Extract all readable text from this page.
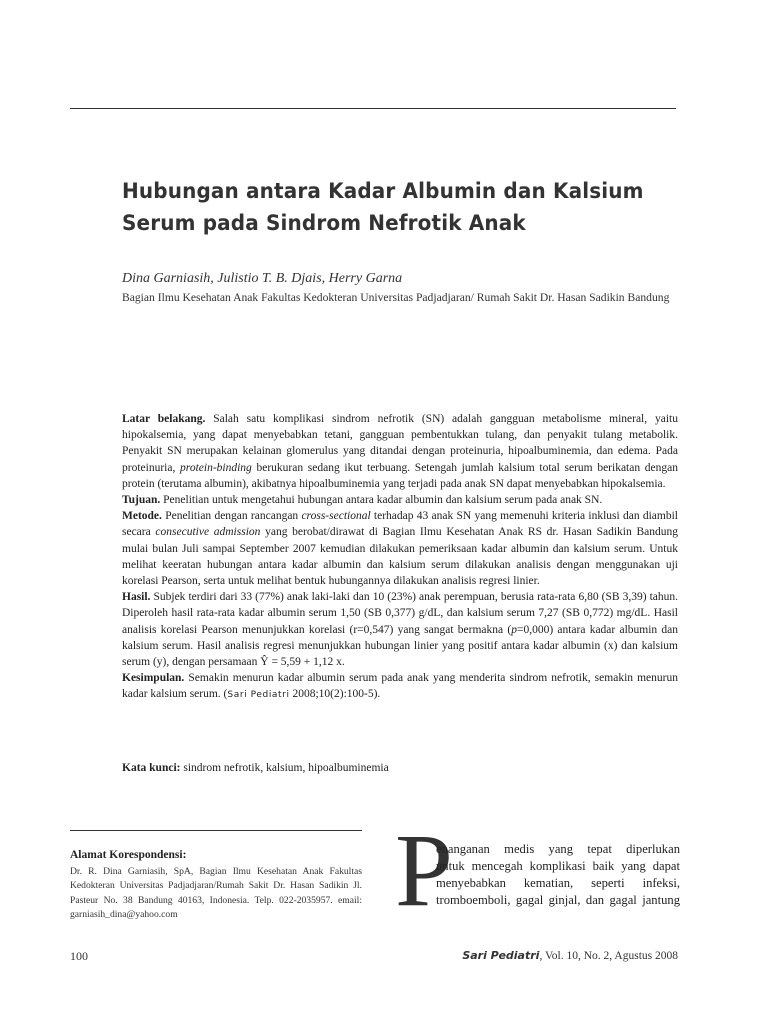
Hubungan antara Kadar Albumin dan Kalsium
Serum pada Sindrom Nefrotik Anak
Dina Garniasih, Julistio T. B. Djais, Herry Garna
Bagian Ilmu Kesehatan Anak Fakultas Kedokteran Universitas Padjadjaran/ Rumah Sakit Dr. Hasan Sadikin Bandung

Latar belakang. Salah satu komplikasi sindrom nefrotik (SN) adalah gangguan metabolisme mineral, yaitu hipokalsemia, yang dapat menyebabkan tetani, gangguan pembentukkan tulang, dan penyakit tulang metabolik. Penyakit SN merupakan kelainan glomerulus yang ditandai dengan proteinuria, hipoalbuminemia, dan edema. Pada proteinuria, protein-binding berukuran sedang ikut terbuang. Setengah jumlah kalsium total serum berikatan dengan protein (terutama albumin), akibatnya hipoalbuminemia yang terjadi pada anak SN dapat menyebabkan hipokalsemia.

Tujuan. Penelitian untuk mengetahui hubungan antara kadar albumin dan kalsium serum pada anak SN.

Metode. Penelitian dengan rancangan cross-sectional terhadap 43 anak SN yang memenuhi kriteria inklusi dan diambil secara consecutive admission yang berobat/dirawat di Bagian Ilmu Kesehatan Anak RS dr. Hasan Sadikin Bandung mulai bulan Juli sampai September 2007 kemudian dilakukan pemeriksaan kadar albumin dan kalsium serum. Untuk melihat keeratan hubungan antara kadar albumin dan kalsium serum dilakukan analisis dengan menggunakan uji korelasi Pearson, serta untuk melihat bentuk hubungannya dilakukan analisis regresi linier.

Hasil. Subjek terdiri dari 33 (77%) anak laki-laki dan 10 (23%) anak perempuan, berusia rata-rata 6,80 (SB 3,39) tahun. Diperoleh hasil rata-rata kadar albumin serum 1,50 (SB 0,377) g/dL, dan kalsium serum 7,27 (SB 0,772) mg/dL. Hasil analisis korelasi Pearson menunjukkan korelasi (r=0,547) yang sangat bermakna (p=0,000) antara kadar albumin dan kalsium serum. Hasil analisis regresi menunjukkan hubungan linier yang positif antara kadar albumin (x) dan kalsium serum (y), dengan persamaan Ŷ = 5,59 + 1,12 x.

Kesimpulan. Semakin menurun kadar albumin serum pada anak yang menderita sindrom nefrotik, semakin menurun kadar kalsium serum. (Sari Pediatri 2008;10(2):100-5).

Kata kunci: sindrom nefrotik, kalsium, hipoalbuminemia
Alamat Korespondensi:
Dr. R. Dina Garniasih, SpA, Bagian Ilmu Kesehatan Anak Fakultas Kedokteran Universitas Padjadjaran/Rumah Sakit Dr. Hasan Sadikin Jl. Pasteur No. 38 Bandung 40163, Indonesia. Telp. 022-2035957. email: garniasih_dina@yahoo.com	P
enanganan medis yang tepat diperlukan
untuk mencegah komplikasi baik yang dapat
menyebabkan kematian, seperti infeksi,
tromboemboli, gagal ginjal, dan gagal jantung
100	Sari Pediatri, Vol. 10, No. 2, Agustus 2008
